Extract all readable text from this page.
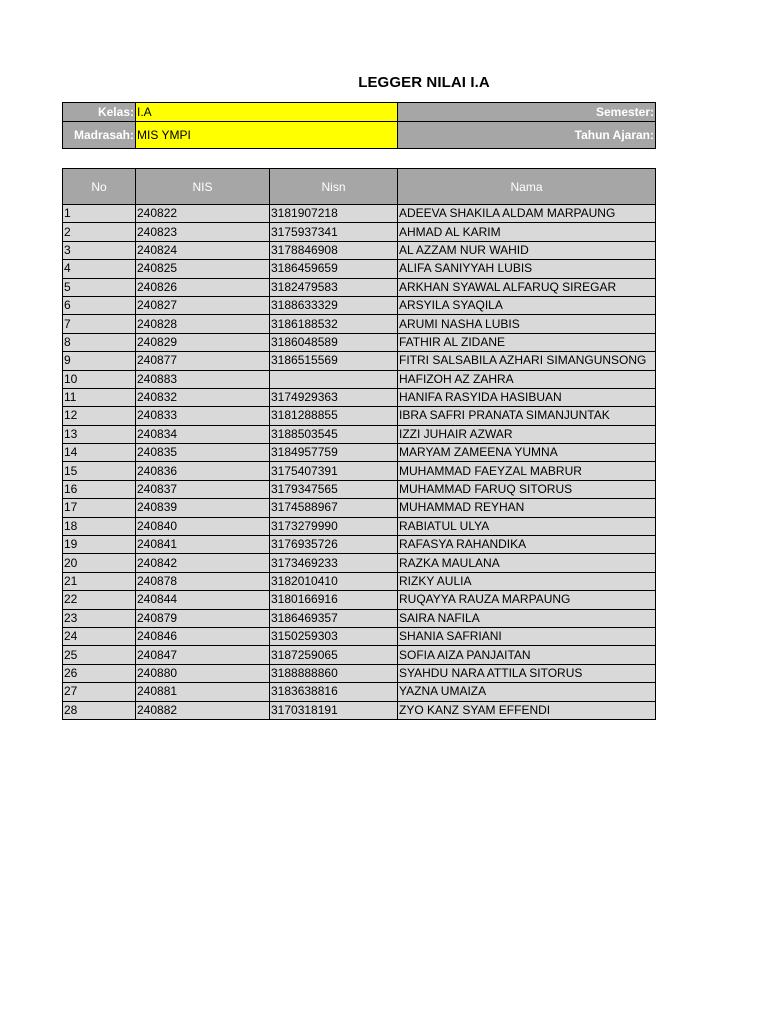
LEGGER NILAI I.A
Kelas:	I.A	Semester:
Madrasah:	MIS YMPI	Tahun Ajaran:
No	NIS	Nisn	Nama
1	240822	3181907218	ADEEVA SHAKILA ALDAM MARPAUNG
2	240823	3175937341	AHMAD AL KARIM
3	240824	3178846908	AL AZZAM NUR WAHID
4	240825	3186459659	ALIFA SANIYYAH LUBIS
5	240826	3182479583	ARKHAN SYAWAL ALFARUQ SIREGAR
6	240827	3188633329	ARSYILA SYAQILA
7	240828	3186188532	ARUMI NASHA LUBIS
8	240829	3186048589	FATHIR AL ZIDANE
9	240877	3186515569	FITRI SALSABILA AZHARI SIMANGUNSONG
10	240883		HAFIZOH AZ ZAHRA
11	240832	3174929363	HANIFA RASYIDA HASIBUAN
12	240833	3181288855	IBRA SAFRI PRANATA SIMANJUNTAK
13	240834	3188503545	IZZI JUHAIR AZWAR
14	240835	3184957759	MARYAM ZAMEENA YUMNA
15	240836	3175407391	MUHAMMAD FAEYZAL MABRUR
16	240837	3179347565	MUHAMMAD FARUQ SITORUS
17	240839	3174588967	MUHAMMAD REYHAN
18	240840	3173279990	RABIATUL ULYA
19	240841	3176935726	RAFASYA RAHANDIKA
20	240842	3173469233	RAZKA MAULANA
21	240878	3182010410	RIZKY AULIA
22	240844	3180166916	RUQAYYA RAUZA MARPAUNG
23	240879	3186469357	SAIRA NAFILA
24	240846	3150259303	SHANIA SAFRIANI
25	240847	3187259065	SOFIA AIZA PANJAITAN
26	240880	3188888860	SYAHDU NARA ATTILA SITORUS
27	240881	3183638816	YAZNA UMAIZA
28	240882	3170318191	ZYO KANZ SYAM EFFENDI
